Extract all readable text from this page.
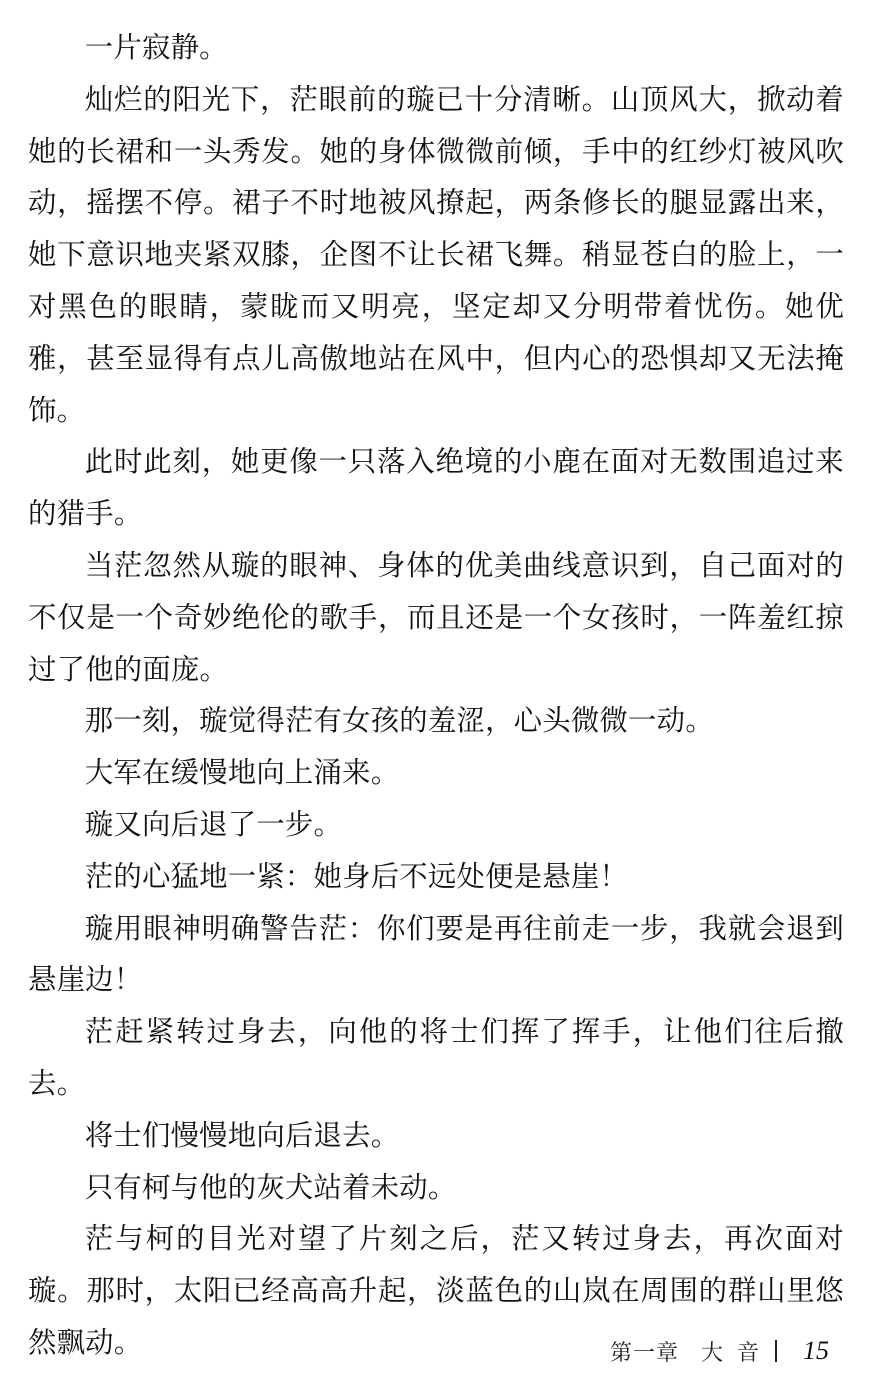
一片寂静。

灿烂的阳光下，茫眼前的璇已十分清晰。山顶风大，掀动着她的长裙和一头秀发。她的身体微微前倾，手中的红纱灯被风吹动，摇摆不停。裙子不时地被风撩起，两条修长的腿显露出来，她下意识地夹紧双膝，企图不让长裙飞舞。稍显苍白的脸上，一对黑色的眼睛，蒙眬而又明亮，坚定却又分明带着忧伤。她优雅，甚至显得有点儿高傲地站在风中，但内心的恐惧却又无法掩饰。

此时此刻，她更像一只落入绝境的小鹿在面对无数围追过来的猎手。

当茫忽然从璇的眼神、身体的优美曲线意识到，自己面对的不仅是一个奇妙绝伦的歌手，而且还是一个女孩时，一阵羞红掠过了他的面庞。

那一刻，璇觉得茫有女孩的羞涩，心头微微一动。

大军在缓慢地向上涌来。

璇又向后退了一步。

茫的心猛地一紧：她身后不远处便是悬崖！

璇用眼神明确警告茫：你们要是再往前走一步，我就会退到悬崖边！

茫赶紧转过身去，向他的将士们挥了挥手，让他们往后撤去。

将士们慢慢地向后退去。

只有柯与他的灰犬站着未动。

茫与柯的目光对望了片刻之后，茫又转过身去，再次面对璇。那时，太阳已经高高升起，淡蓝色的山岚在周围的群山里悠然飘动。	第一章 大音 15
